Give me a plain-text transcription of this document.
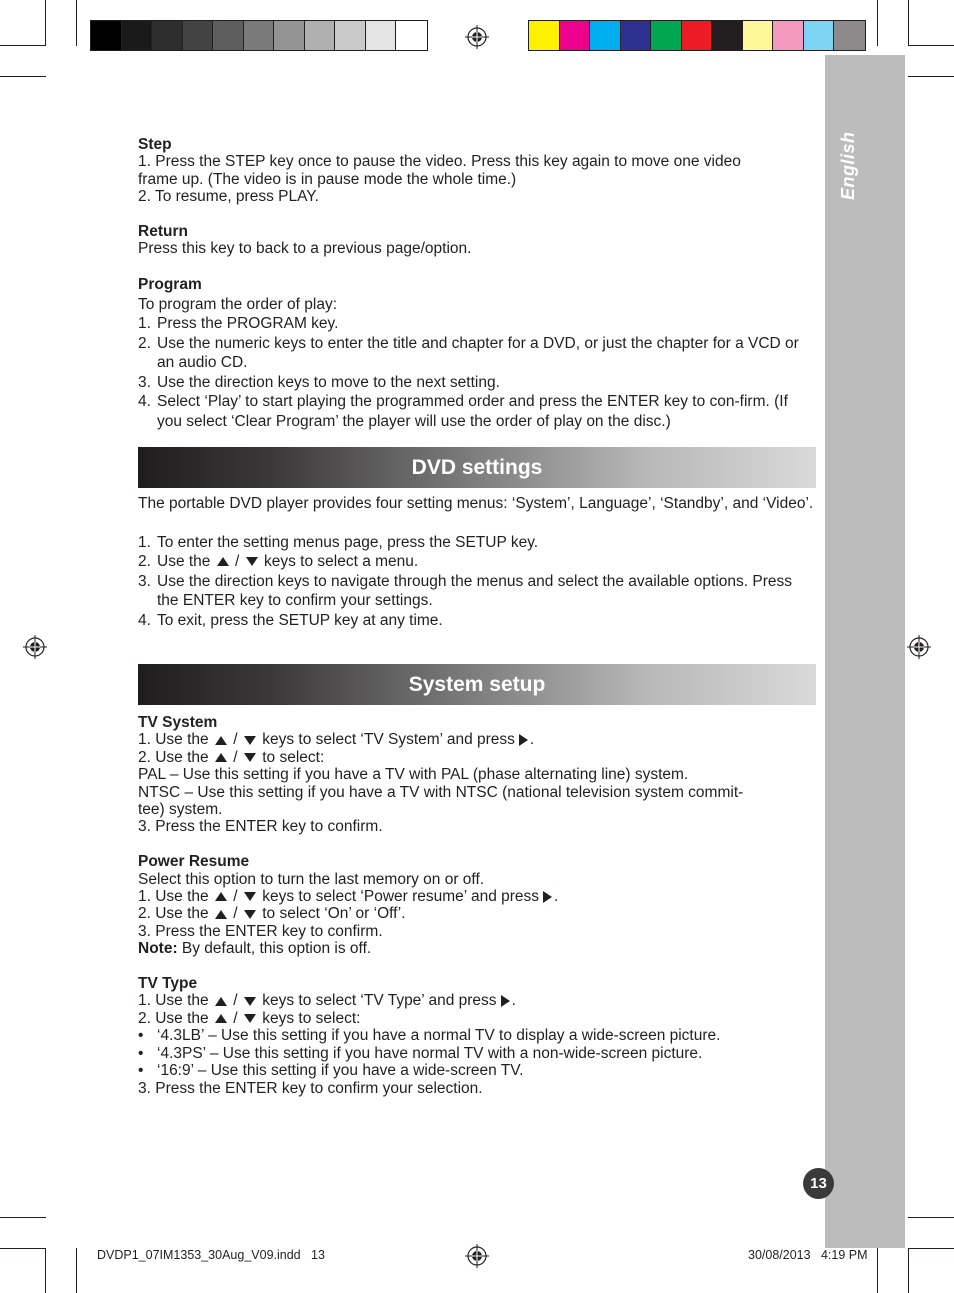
English
13

Step

1. Press the STEP key once to pause the video. Press this key again to move one video

frame up. (The video is in pause mode the whole time.)

2. To resume, press PLAY.

Return

Press this key to back to a previous page/option.

Program

To program the order of play:

1. Press the PROGRAM key.
2. Use the numeric keys to enter the title and chapter for a DVD, or just the chapter for a VCD or an audio CD.
3. Use the direction keys to move to the next setting.
4. Select ‘Play’ to start playing the programmed order and press the ENTER key to con-firm. (If you select ‘Clear Program’ the player will use the order of play on the disc.)
DVD settings

The portable DVD player provides four setting menus: ‘System’, Language’, ‘Standby’, and ‘Video’.

1. To enter the setting menus page, press the SETUP key.
2. Use the / keys to select a menu.
3. Use the direction keys to navigate through the menus and select the available options. Press the ENTER key to confirm your settings.
4. To exit, press the SETUP key at any time.
System setup

TV System

1. Use the / keys to select ‘TV System’ and press .

2. Use the / to select:

PAL – Use this setting if you have a TV with PAL (phase alternating line) system.

NTSC – Use this setting if you have a TV with NTSC (national television system commit-

tee) system.

3. Press the ENTER key to confirm.

Power Resume

Select this option to turn the last memory on or off.

1. Use the / keys to select ‘Power resume’ and press .

2. Use the / to select ‘On’ or ‘Off’.

3. Press the ENTER key to confirm.

Note: By default, this option is off.

TV Type

1. Use the / keys to select ‘TV Type’ and press .

2. Use the / keys to select:

• ‘4.3LB’ – Use this setting if you have a normal TV to display a wide-screen picture.
• ‘4.3PS’ – Use this setting if you have normal TV with a non-wide-screen picture.
• ‘16:9’ – Use this setting if you have a wide-screen TV.

3. Press the ENTER key to confirm your selection.

DVDP1_07IM1353_30Aug_V09.indd   13	30/08/2013   4:19 PM
